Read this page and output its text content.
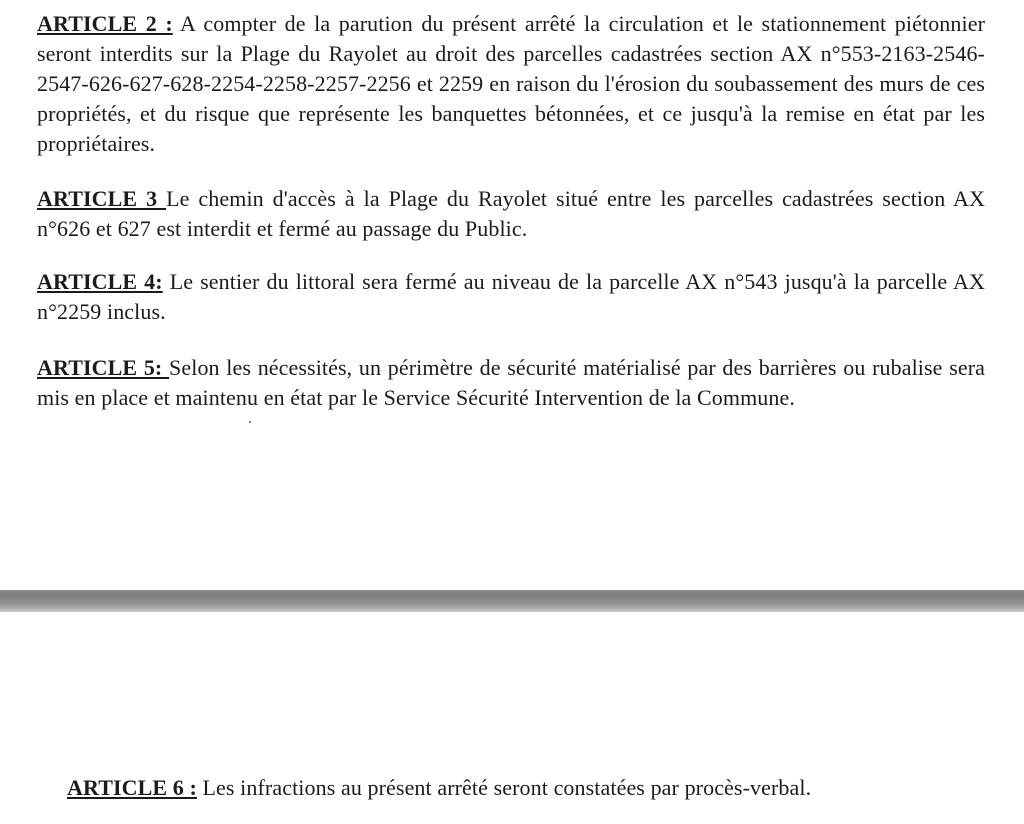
ARTICLE 2 : A compter de la parution du présent arrêté la circulation et le stationnement piétonnier seront interdits sur la Plage du Rayolet au droit des parcelles cadastrées section AX n°553-2163-2546-2547-626-627-628-2254-2258-2257-2256 et 2259 en raison du l'érosion du soubassement des murs de ces propriétés, et du risque que représente les banquettes bétonnées, et ce jusqu'à la remise en état par les propriétaires.

ARTICLE 3 Le chemin d'accès à la Plage du Rayolet situé entre les parcelles cadastrées section AX n°626 et 627 est interdit et fermé au passage du Public.

ARTICLE 4: Le sentier du littoral sera fermé au niveau de la parcelle AX n°543 jusqu'à la parcelle AX n°2259 inclus.

ARTICLE 5: Selon les nécessités, un périmètre de sécurité matérialisé par des barrières ou rubalise sera mis en place et maintenu en état par le Service Sécurité Intervention de la Commune.

ARTICLE 6 : Les infractions au présent arrêté seront constatées par procès-verbal.
